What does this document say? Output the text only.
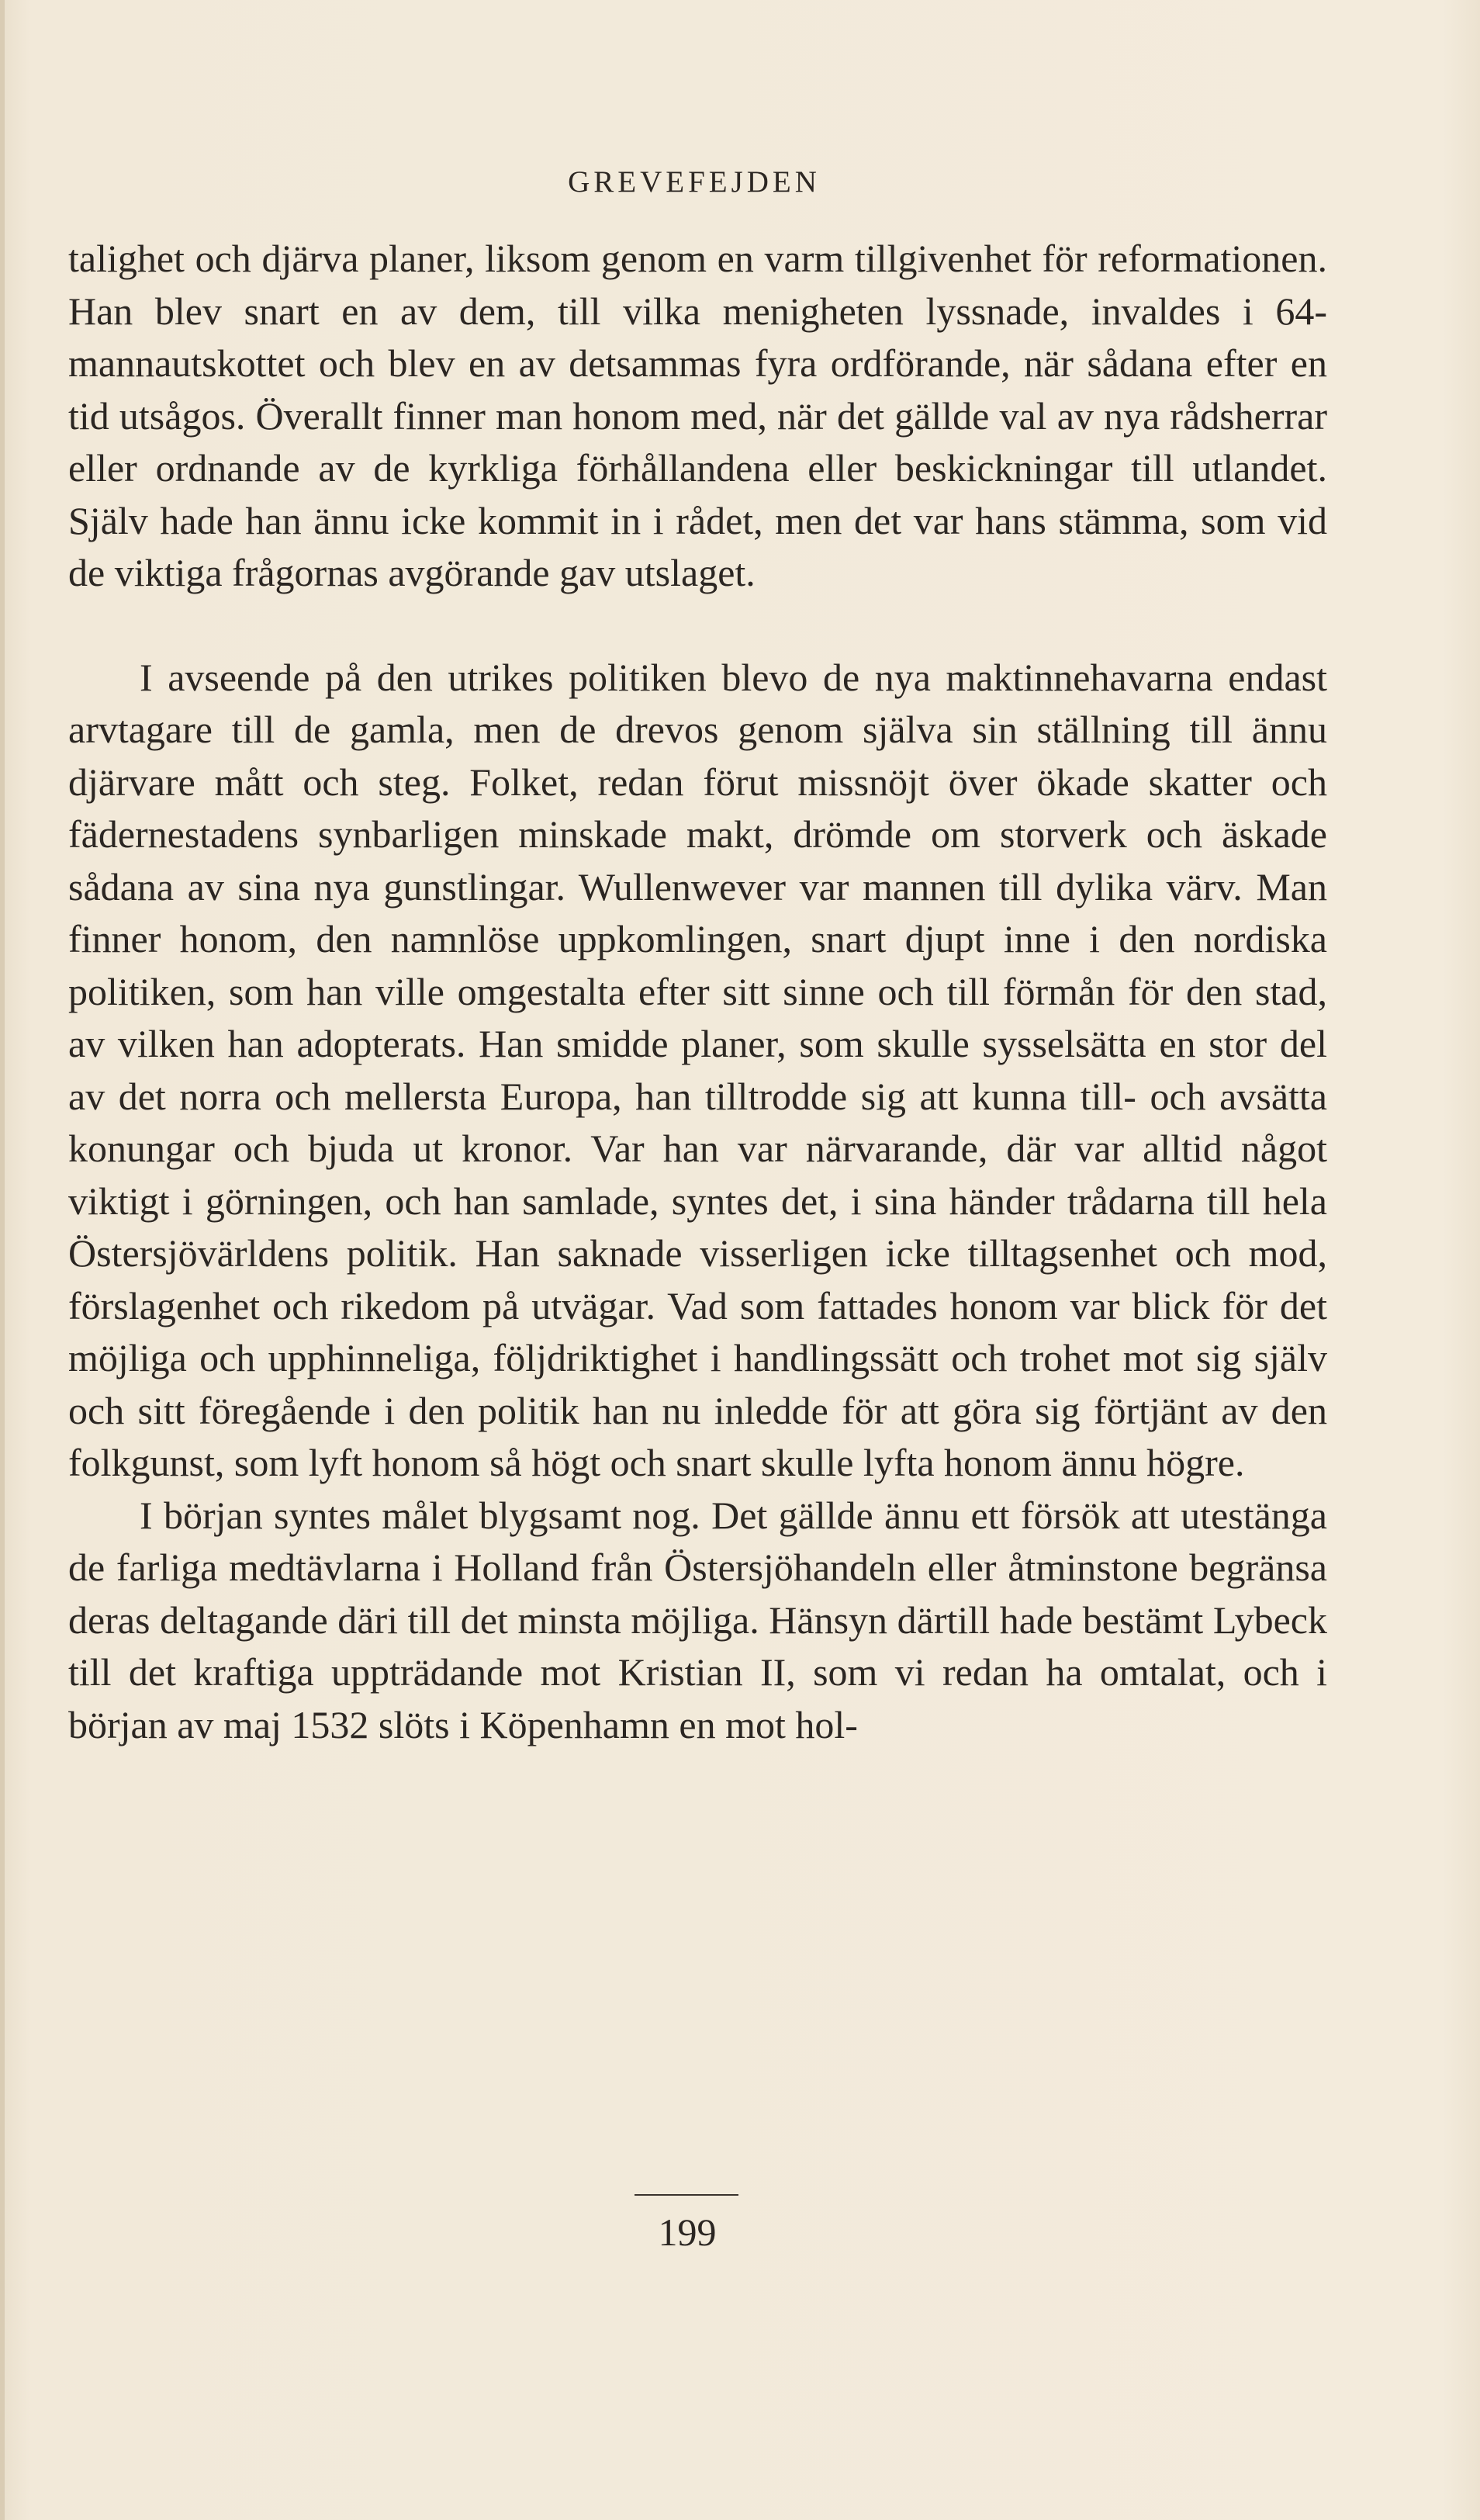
GREVEFEJDEN

talighet och djärva planer, liksom genom en varm tillgivenhet för reformationen. Han blev snart en av dem, till vilka menigheten lyssnade, invaldes i 64-mannautskottet och blev en av detsammas fyra ordförande, när sådana efter en tid utsågos. Överallt finner man honom med, när det gällde val av nya rådsherrar eller ordnande av de kyrkliga förhållandena eller beskickningar till utlandet. Själv hade han ännu icke kommit in i rådet, men det var hans stämma, som vid de viktiga frågornas avgörande gav utslaget.

I avseende på den utrikes politiken blevo de nya maktinnehavarna endast arvtagare till de gamla, men de drevos genom själva sin ställning till ännu djärvare mått och steg. Folket, redan förut missnöjt över ökade skatter och fädernestadens synbarligen minskade makt, drömde om storverk och äskade sådana av sina nya gunstlingar. Wullenwever var mannen till dylika värv. Man finner honom, den namnlöse uppkomlingen, snart djupt inne i den nordiska politiken, som han ville omgestalta efter sitt sinne och till förmån för den stad, av vilken han adopterats. Han smidde planer, som skulle sysselsätta en stor del av det norra och mellersta Europa, han tilltrodde sig att kunna till- och avsätta konungar och bjuda ut kronor. Var han var närvarande, där var alltid något viktigt i görningen, och han samlade, syntes det, i sina händer trådarna till hela Östersjövärldens politik. Han saknade visserligen icke tilltagsenhet och mod, förslagenhet och rikedom på utvägar. Vad som fattades honom var blick för det möjliga och upphinneliga, följdriktighet i handlingssätt och trohet mot sig själv och sitt föregående i den politik han nu inledde för att göra sig förtjänt av den folkgunst, som lyft honom så högt och snart skulle lyfta honom ännu högre.

I början syntes målet blygsamt nog. Det gällde ännu ett försök att utestänga de farliga medtävlarna i Holland från Östersjöhandeln eller åtminstone begränsa deras deltagande däri till det minsta möjliga. Hänsyn därtill hade bestämt Lybeck till det kraftiga uppträdande mot Kristian II, som vi redan ha omtalat, och i början av maj 1532 slöts i Köpenhamn en mot hol-

199
